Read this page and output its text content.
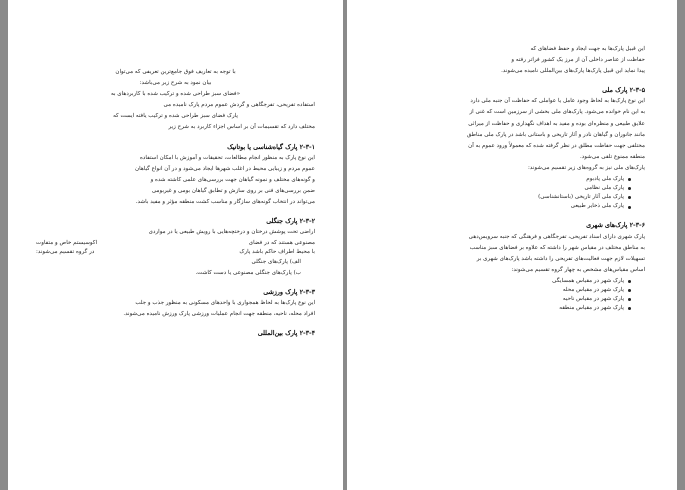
با توجه به تعاریف فوق جامع‌ترین تعریفی که می‌توان

بیان نمود به شرح زیر می‌باشد:

«فضای سبز طراحی شده و ترکیب شده با کاربردهای به

استفاده تفریحی، تفرجگاهی و گردش عموم مردم پارک نامیده می

پارک فضای سبز طراحی شده و ترکیب یافته ایست که

مختلف دارد که تقسیمات آن بر اساس اجزاء کاربرد به شرح زیر

۲-۳-۱ پارک گیاه‌شناسی یا بوتانیک

این نوع پارک به منظور انجام مطالعات، تحقیقات و آموزش با امکان استفاده

عموم مردم و زیبایی محیط در اغلب شهرها ایجاد می‌شود و در آن انواع گیاهان

و گونه‌های مختلف و نمونه گیاهان جهت بررسی‌های علمی کاشته شده و

ضمن بررسی‌های فنی بر روی سازش و تطابق گیاهان بومی و غیربومی

می‌تواند در انتخاب گونه‌های سازگار و مناسب کشت منطقه مؤثر و مفید باشد.

۲-۳-۲ پارک جنگلی

اراضی تحت پوشش درختان و درختچه‌هایی با رویش طبیعی یا در مواردی

مصنوعی هستند که در فضای
اکوسیستم خاص و متفاوت
با محیط اطراف حاکم باشد پارک
در گروه تقسیم می‌شوند:

الف) پارک‌های جنگلی

ب) پارک‌های جنگلی مصنوعی یا دست کاشت.

۲-۳-۳ پارک ورزشی

این نوع پارک‌ها به لحاظ همجواری با واحدهای مسکونی به منظور جذب و جلب

افراد محله، ناحیه، منطقه جهت انجام عملیات ورزشی پارک ورزش نامیده می‌شوند.

۲-۳-۴ پارک بین‌المللی

این قبیل پارک‌ها به جهت ایجاد و حفظ فضاهای که

حفاظت از عناصر داخلی آن از مرز یک کشور فراتر رفته و

پیدا نماید این قبیل پارک‌ها پارک‌های بین‌المللی نامیده می‌شوند.

۲-۳-۵ پارک ملی

این نوع پارک‌ها به لحاظ وجود عامل یا عواملی که حفاظت آن جنبه ملی دارد

به این نام خوانده می‌شود. پارک‌های ملی بخشی از سرزمین است که غنی از

علایق طبیعی و منظره‌ای بوده و مفید به اهداف نگهداری و حفاظت از میراثی

مانند جانوران و گیاهان نادر و آثار تاریخی و باستانی باشد در پارک ملی مناطق

مختلفی جهت حفاظت مطلق در نظر گرفته شده که معمولاً ورود عموم به آن

منطقه ممنوع تلقی می‌شود.

پارک‌های ملی نیز به گروه‌های زیر تقسیم می‌شوند:

پارک ملی پادبوم
پارک ملی نظامی
پارک ملی آثار تاریخی (باستانشناسی)
پارک ملی ذخایر طبیعی
۲-۳-۶ پارک‌های شهری

پارک شهری دارای اسناد تفریحی، تفرجگاهی و فرهنگی که جنبه سرویس‌دهی

به مناطق مختلف در مقیاس شهر را داشته که علاوه بر فضاهای سبز مناسب

تسهیلات لازم جهت فعالیت‌های تفریحی را داشته باشد پارک‌های شهری بر

اساس مقیاس‌های مشخص به چهار گروه تقسیم می‌شوند:

پارک شهر در مقیاس همسایگی
پارک شهر در مقیاس محله
پارک شهر در مقیاس ناحیه
پارک شهر در مقیاس منطقه
